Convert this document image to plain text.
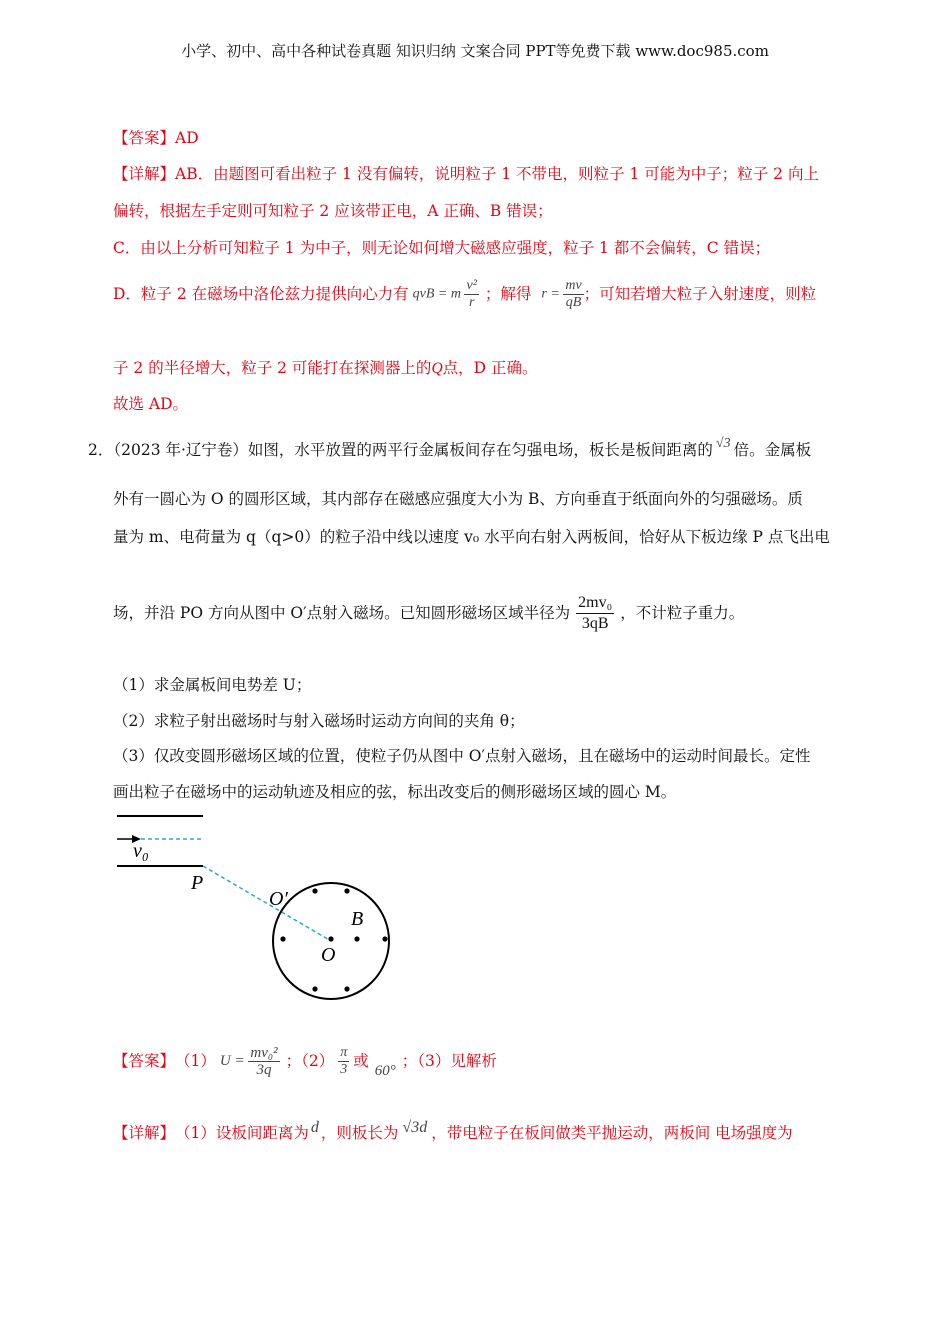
小学、初中、高中各种试卷真题 知识归纳 文案合同 PPT等免费下载 www.doc985.com
【答案】AD
【详解】AB．由题图可看出粒子 1 没有偏转，说明粒子 1 不带电，则粒子 1 可能为中子；粒子 2 向上
偏转，根据左手定则可知粒子 2 应该带正电，A 正确、B 错误；
C．由以上分析可知粒子 1 为中子，则无论如何增大磁感应强度，粒子 1 都不会偏转，C 错误；
D．粒子 2 在磁场中洛伦兹力提供向心力有 qvB = m $\frac{\text{v²}}{r}$ ；解得 $r = \frac{mv}{qB}$ ；可知若增大粒子入射速度，则粒
子 2 的半径增大，粒子 2 可能打在探测器上的Q点，D 正确。
故选 AD。
2．（2023 年·辽宁卷）如图，水平放置的两平行金属板间存在匀强电场，板长是板间距离的 √3 倍。金属板
外有一圆心为 O 的圆形区域，其内部存在磁感应强度大小为 B、方向垂直于纸面向外的匀强磁场。质
量为 m、电荷量为 q（q>0）的粒子沿中线以速度 v₀ 水平向右射入两板间，恰好从下板边缘 P 点飞出电
场，并沿 PO 方向从图中 O′点射入磁场。已知圆形磁场区域半径为 $\frac{\text{2mv₀}}{3qB}$ ，不计粒子重力。
（1）求金属板间电势差 U；
（2）求粒子射出磁场时与射入磁场时运动方向间的夹角 θ；
（3）仅改变圆形磁场区域的位置，使粒子仍从图中 O′点射入磁场，且在磁场中的运动时间最长。定性
画出粒子在磁场中的运动轨迹及相应的弦，标出改变后的侧形磁场区域的圆心 M。
v₀
P
O′
B
O
【答案】 （1） $U = \frac{\text{mv₀²}}{3q}$ ；$(2) \frac{\pi}{3}$ 或
60°
；（3）见解析
【详解】 （1）设板间距离为 d ，则板长为 √3d ，带电粒子在板间做类平抛运动，两板间 电场强度为
